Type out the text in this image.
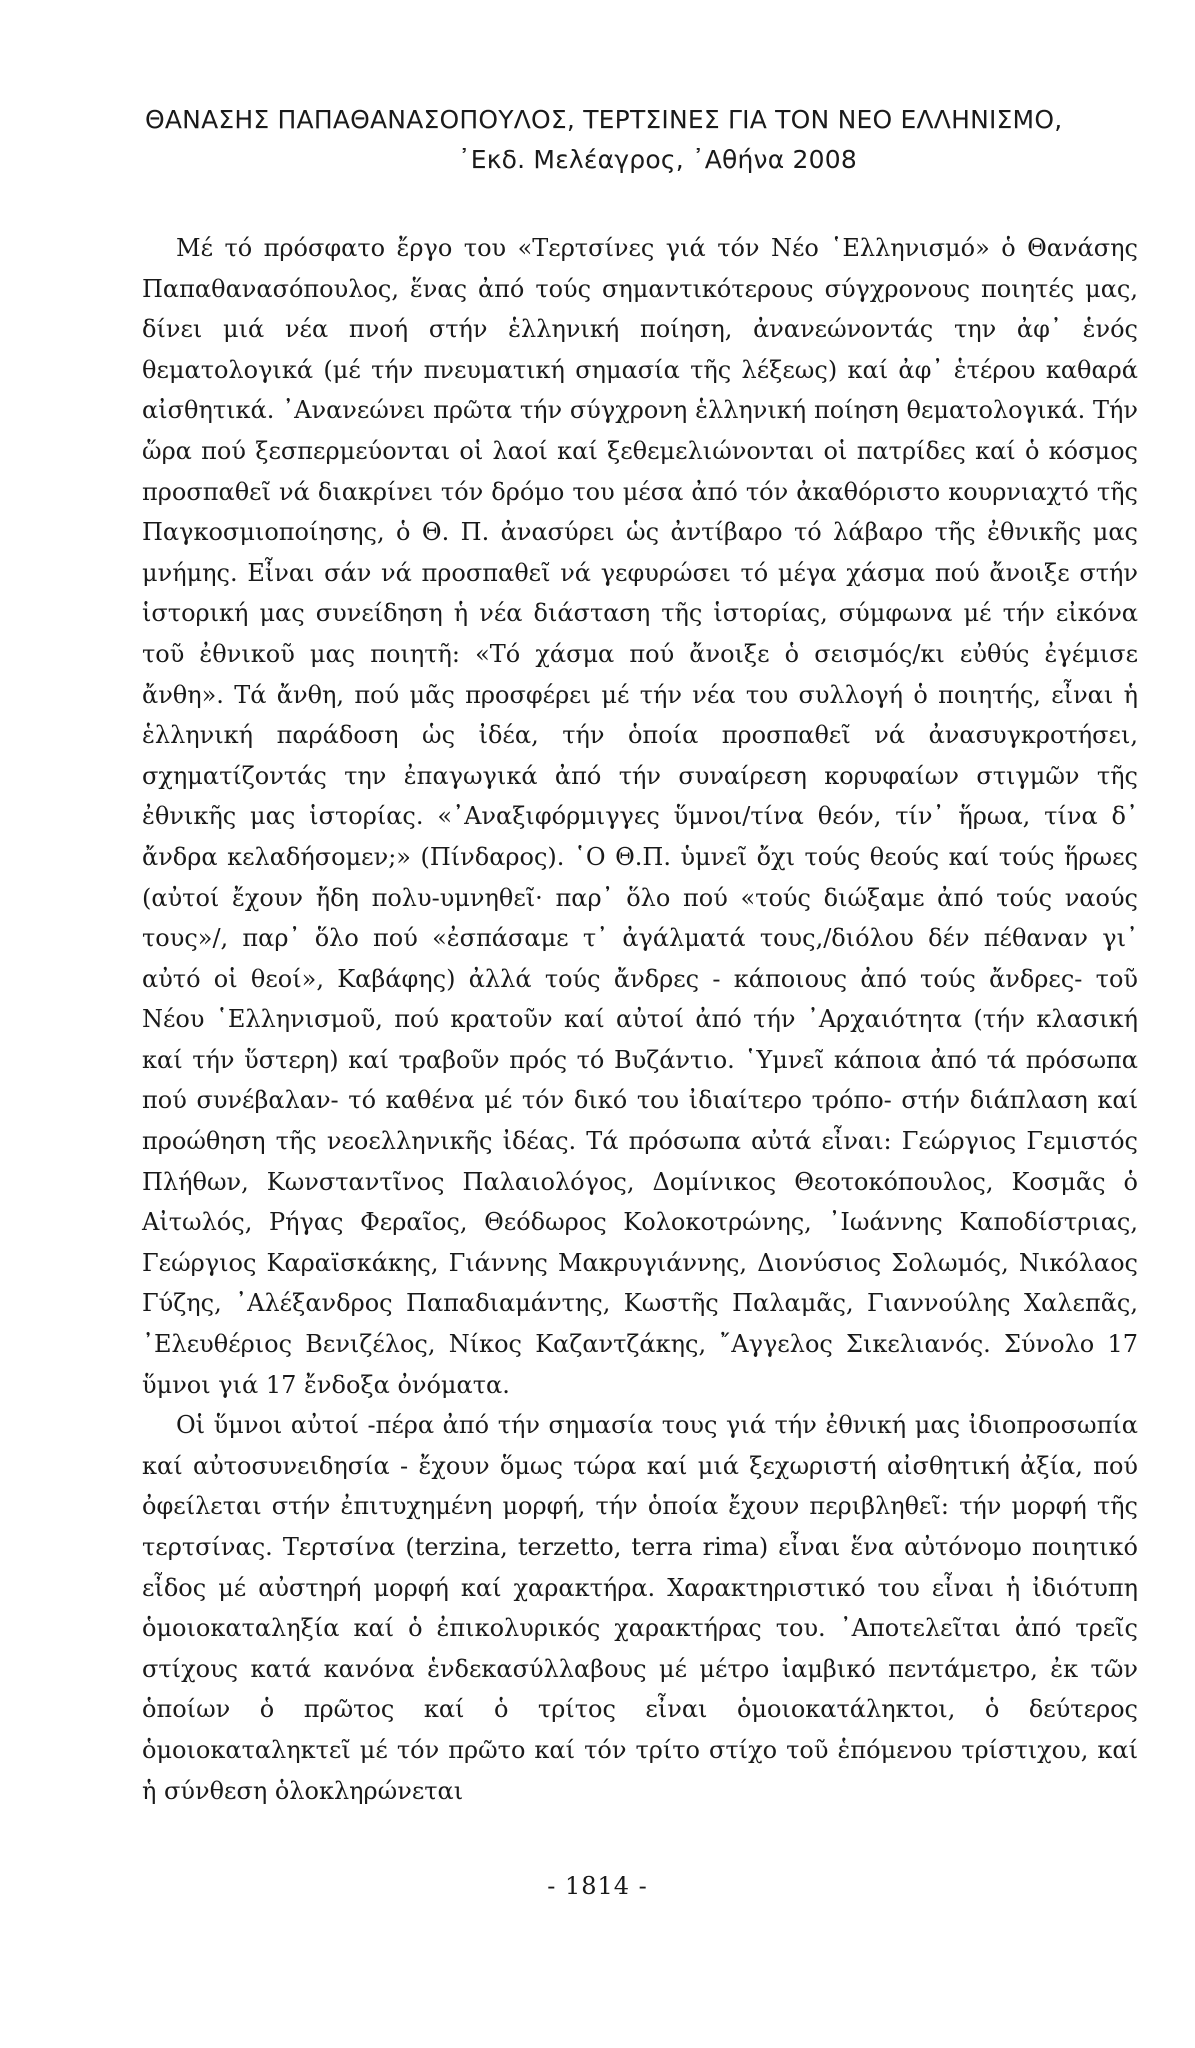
ΘΑΝΑΣΗΣ ΠΑΠΑΘΑΝΑΣΟΠΟΥΛΟΣ, ΤΕΡΤΣΙΝΕΣ ΓΙΑ ΤΟΝ ΝΕΟ ΕΛΛΗΝΙΣΜΟ,
᾿Εκδ. Μελέαγρος, ᾿Αθήνα 2008

Μέ τό πρόσφατο ἔργο του «Τερτσίνες γιά τόν Νέο ῾Ελληνισμό» ὁ Θανάσης Παπαθανασόπουλος, ἕνας ἀπό τούς σημαντικότερους σύγχρονους ποιητές μας, δίνει μιά νέα πνοή στήν ἑλληνική ποίηση, ἀνανεώνοντάς την ἀφ᾿ ἑνός θεματολογικά (μέ τήν πνευματική σημασία τῆς λέξεως) καί ἀφ᾿ ἑτέρου καθαρά αἰσθητικά. ᾿Ανανεώνει πρῶτα τήν σύγχρονη ἑλληνική ποίηση θεματολογικά. Τήν ὥρα πού ξεσπερμεύονται οἱ λαοί καί ξεθεμελιώνονται οἱ πατρίδες καί ὁ κόσμος προσπαθεῖ νά διακρίνει τόν δρόμο του μέσα ἀπό τόν ἀκαθόριστο κουρνιαχτό τῆς Παγκοσμιοποίησης, ὁ Θ. Π. ἀνασύρει ὡς ἀντίβαρο τό λάβαρο τῆς ἐθνικῆς μας μνήμης. Εἶναι σάν νά προσπαθεῖ νά γεφυρώσει τό μέγα χάσμα πού ἄνοιξε στήν ἱστορική μας συνείδηση ἡ νέα διάσταση τῆς ἱστορίας, σύμφωνα μέ τήν εἰκόνα τοῦ ἐθνικοῦ μας ποιητῆ: «Τό χάσμα πού ἄνοιξε ὁ σεισμός/κι εὐθύς ἐγέμισε ἄνθη». Τά ἄνθη, πού μᾶς προσφέρει μέ τήν νέα του συλλογή ὁ ποιητής, εἶναι ἡ ἑλληνική παράδοση ὡς ἰδέα, τήν ὁποία προσπαθεῖ νά ἀνασυγκροτήσει, σχηματίζοντάς την ἐπαγωγικά ἀπό τήν συναίρεση κορυφαίων στιγμῶν τῆς ἐθνικῆς μας ἱστορίας. «᾿Αναξιφόρμιγγες ὕμνοι/τίνα θεόν, τίν᾿ ἥρωα, τίνα δ᾿ ἄνδρα κελαδήσομεν;» (Πίνδαρος). ῾Ο Θ.Π. ὑμνεῖ ὄχι τούς θεούς καί τούς ἥρωες (αὐτοί ἔχουν ἤδη πολυ-υμνηθεῖ· παρ᾿ ὅλο πού «τούς διώξαμε ἀπό τούς ναούς τους»/, παρ᾿ ὅλο πού «ἐσπάσαμε τ᾿ ἀγάλματά τους,/διόλου δέν πέθαναν γι᾿ αὐτό οἱ θεοί», Καβάφης) ἀλλά τούς ἄνδρες - κάποιους ἀπό τούς ἄνδρες- τοῦ Νέου ῾Ελληνισμοῦ, πού κρατοῦν καί αὐτοί ἀπό τήν ᾿Αρχαιότητα (τήν κλασική καί τήν ὕστερη) καί τραβοῦν πρός τό Βυζάντιο. ῾Υμνεῖ κάποια ἀπό τά πρόσωπα πού συνέβαλαν- τό καθένα μέ τόν δικό του ἰδιαίτερο τρόπο- στήν διάπλαση καί προώθηση τῆς νεοελληνικῆς ἰδέας. Τά πρόσωπα αὐτά εἶναι: Γεώργιος Γεμιστός Πλήθων, Κωνσταντῖνος Παλαιολόγος, Δομίνικος Θεοτοκόπουλος, Κοσμᾶς ὁ Αἰτωλός, Ρήγας Φεραῖος, Θεόδωρος Κολοκοτρώνης, ᾿Ιωάννης Καποδίστριας, Γεώργιος Καραϊσκάκης, Γιάννης Μακρυγιάννης, Διονύσιος Σολωμός, Νικόλαος Γύζης, ᾿Αλέξανδρος Παπαδιαμάντης, Κωστῆς Παλαμᾶς, Γιαννούλης Χαλεπᾶς, ᾿Ελευθέριος Βενιζέλος, Νίκος Καζαντζάκης, ῎Αγγελος Σικελιανός. Σύνολο 17 ὕμνοι γιά 17 ἔνδοξα ὀνόματα.

Οἱ ὕμνοι αὐτοί -πέρα ἀπό τήν σημασία τους γιά τήν ἐθνική μας ἰδιοπροσωπία καί αὐτοσυνειδησία - ἔχουν ὅμως τώρα καί μιά ξεχωριστή αἰσθητική ἀξία, πού ὀφείλεται στήν ἐπιτυχημένη μορφή, τήν ὁποία ἔχουν περιβληθεῖ: τήν μορφή τῆς τερτσίνας. Τερτσίνα (terzina, terzetto, terra rima) εἶναι ἕνα αὐτόνομο ποιητικό εἶδος μέ αὐστηρή μορφή καί χαρακτήρα. Χαρακτηριστικό του εἶναι ἡ ἰδιότυπη ὁμοιοκαταληξία καί ὁ ἐπικολυρικός χαρακτήρας του. ᾿Αποτελεῖται ἀπό τρεῖς στίχους κατά κανόνα ἑνδεκασύλλαβους μέ μέτρο ἰαμβικό πεντάμετρο, ἐκ τῶν ὁποίων ὁ πρῶτος καί ὁ τρίτος εἶναι ὁμοιοκατάληκτοι, ὁ δεύτερος ὁμοιοκαταληκτεῖ μέ τόν πρῶτο καί τόν τρίτο στίχο τοῦ ἑπόμενου τρίστιχου, καί ἡ σύνθεση ὁλοκληρώνεται

- 1814 -
